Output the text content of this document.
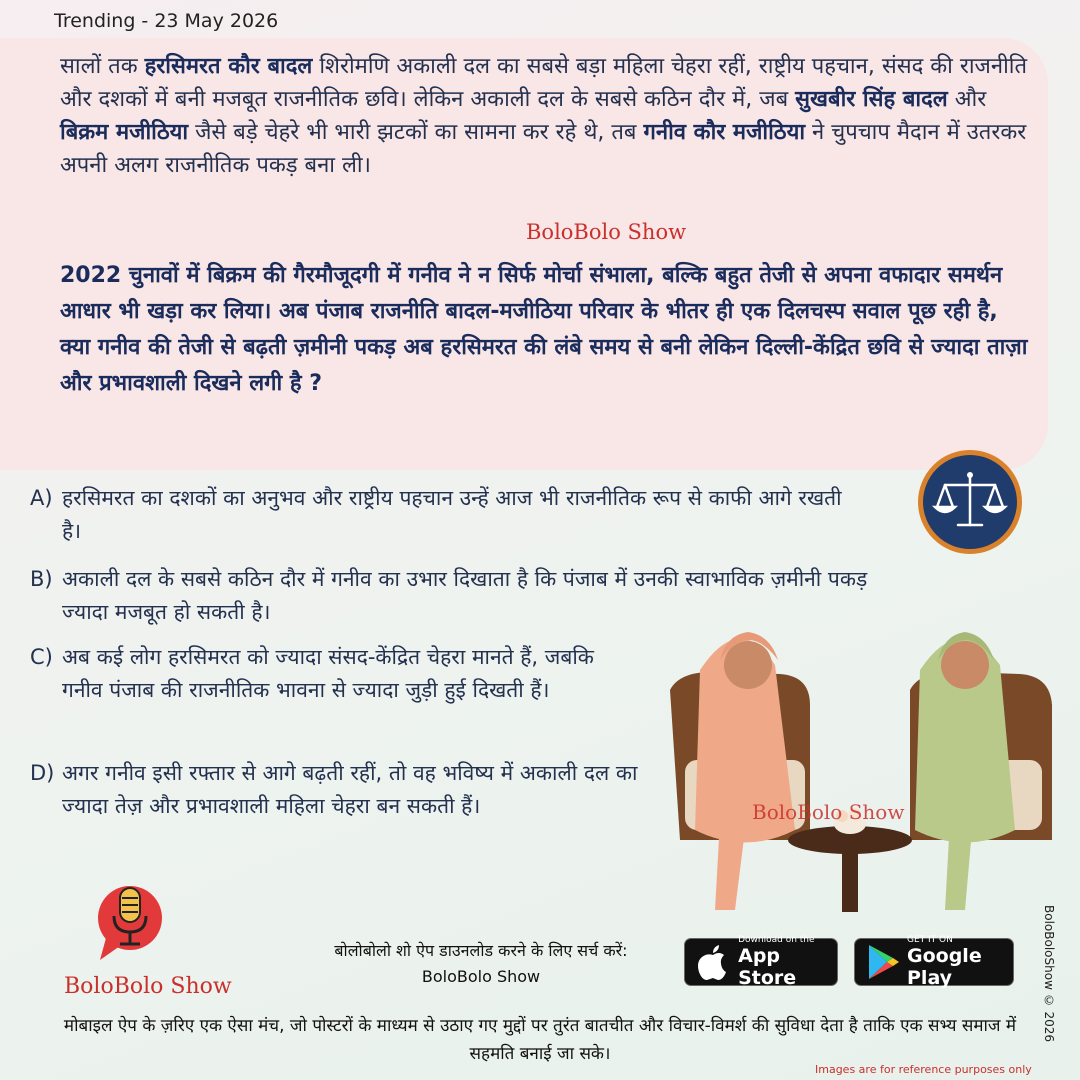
Trending - 23 May 2026
सालों तक हरसिमरत कौर बादल शिरोमणि अकाली दल का सबसे बड़ा महिला चेहरा रहीं, राष्ट्रीय पहचान, संसद की राजनीति और दशकों में बनी मजबूत राजनीतिक छवि। लेकिन अकाली दल के सबसे कठिन दौर में, जब सुखबीर सिंह बादल और बिक्रम मजीठिया जैसे बड़े चेहरे भी भारी झटकों का सामना कर रहे थे, तब गनीव कौर मजीठिया ने चुपचाप मैदान में उतरकर अपनी अलग राजनीतिक पकड़ बना ली।
BoloBolo Show
2022 चुनावों में बिक्रम की गैरमौजूदगी में गनीव ने न सिर्फ मोर्चा संभाला, बल्कि बहुत तेजी से अपना वफादार समर्थन आधार भी खड़ा कर लिया। अब पंजाब राजनीति बादल-मजीठिया परिवार के भीतर ही एक दिलचस्प सवाल पूछ रही है, क्या गनीव की तेजी से बढ़ती ज़मीनी पकड़ अब हरसिमरत की लंबे समय से बनी लेकिन दिल्ली-केंद्रित छवि से ज्यादा ताज़ा और प्रभावशाली दिखने लगी है ?
A) हरसिमरत का दशकों का अनुभव और राष्ट्रीय पहचान उन्हें आज भी राजनीतिक रूप से काफी आगे रखती है।
B) अकाली दल के सबसे कठिन दौर में गनीव का उभार दिखाता है कि पंजाब में उनकी स्वाभाविक ज़मीनी पकड़ ज्यादा मजबूत हो सकती है।
C) अब कई लोग हरसिमरत को ज्यादा संसद-केंद्रित चेहरा मानते हैं, जबकि गनीव पंजाब की राजनीतिक भावना से ज्यादा जुड़ी हुई दिखती हैं।
D) अगर गनीव इसी रफ्तार से आगे बढ़ती रहीं, तो वह भविष्य में अकाली दल का ज्यादा तेज़ और प्रभावशाली महिला चेहरा बन सकती हैं।	BoloBolo Show
BoloBolo Show
बोलोबोलो शो ऐप डाउनलोड करने के लिए सर्च करें:
BoloBolo Show
Download on the
App Store
GET IT ON
Google Play	BoloBoloShow © 2026
मोबाइल ऐप के ज़रिए एक ऐसा मंच, जो पोस्टरों के माध्यम से उठाए गए मुद्दों पर तुरंत बातचीत और विचार-विमर्श की सुविधा देता है ताकि एक सभ्य समाज में सहमति बनाई जा सके।
Images are for reference purposes only
